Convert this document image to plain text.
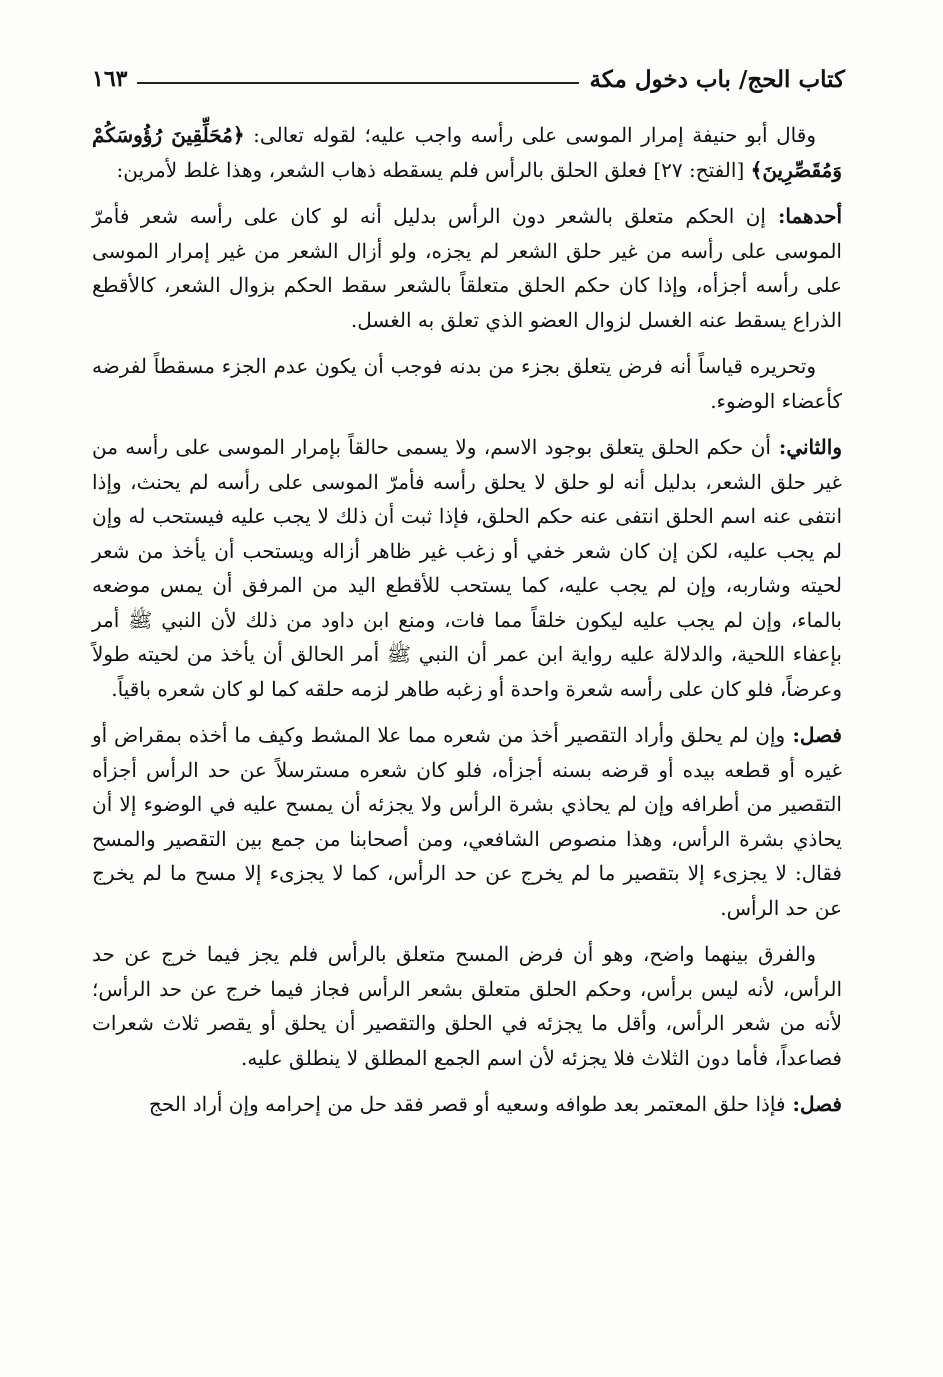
كتاب الحج/ باب دخول مكة
١٦٣

وقال أبو حنيفة إمرار الموسى على رأسه واجب عليه؛ لقوله تعالى: ﴿مُحَلِّقِينَ رُؤُوسَكُمْ وَمُقَصِّرِينَ﴾ [الفتح: ٢٧] فعلق الحلق بالرأس فلم يسقطه ذهاب الشعر، وهذا غلط لأمرين:

أحدهما: إن الحكم متعلق بالشعر دون الرأس بدليل أنه لو كان على رأسه شعر فأمرّ الموسى على رأسه من غير حلق الشعر لم يجزه، ولو أزال الشعر من غير إمرار الموسى على رأسه أجزأه، وإذا كان حكم الحلق متعلقاً بالشعر سقط الحكم بزوال الشعر، كالأقطع الذراع يسقط عنه الغسل لزوال العضو الذي تعلق به الغسل.

وتحريره قياساً أنه فرض يتعلق بجزء من بدنه فوجب أن يكون عدم الجزء مسقطاً لفرضه كأعضاء الوضوء.

والثاني: أن حكم الحلق يتعلق بوجود الاسم، ولا يسمى حالقاً بإمرار الموسى على رأسه من غير حلق الشعر، بدليل أنه لو حلق لا يحلق رأسه فأمرّ الموسى على رأسه لم يحنث، وإذا انتفى عنه اسم الحلق انتفى عنه حكم الحلق، فإذا ثبت أن ذلك لا يجب عليه فيستحب له وإن لم يجب عليه، لكن إن كان شعر خفي أو زغب غير ظاهر أزاله ويستحب أن يأخذ من شعر لحيته وشاربه، وإن لم يجب عليه، كما يستحب للأقطع اليد من المرفق أن يمس موضعه بالماء، وإن لم يجب عليه ليكون خلقاً مما فات، ومنع ابن داود من ذلك لأن النبي ﷺ أمر بإعفاء اللحية، والدلالة عليه رواية ابن عمر أن النبي ﷺ أمر الحالق أن يأخذ من لحيته طولاً وعرضاً، فلو كان على رأسه شعرة واحدة أو زغبه طاهر لزمه حلقه كما لو كان شعره باقياً.

فصل: وإن لم يحلق وأراد التقصير أخذ من شعره مما علا المشط وكيف ما أخذه بمقراض أو غيره أو قطعه بيده أو قرضه بسنه أجزأه، فلو كان شعره مسترسلاً عن حد الرأس أجزأه التقصير من أطرافه وإن لم يحاذي بشرة الرأس ولا يجزئه أن يمسح عليه في الوضوء إلا أن يحاذي بشرة الرأس، وهذا منصوص الشافعي، ومن أصحابنا من جمع بين التقصير والمسح فقال: لا يجزىء إلا بتقصير ما لم يخرج عن حد الرأس، كما لا يجزىء إلا مسح ما لم يخرج عن حد الرأس.

والفرق بينهما واضح، وهو أن فرض المسح متعلق بالرأس فلم يجز فيما خرج عن حد الرأس، لأنه ليس برأس، وحكم الحلق متعلق بشعر الرأس فجاز فيما خرج عن حد الرأس؛ لأنه من شعر الرأس، وأقل ما يجزئه في الحلق والتقصير أن يحلق أو يقصر ثلاث شعرات فصاعداً، فأما دون الثلاث فلا يجزئه لأن اسم الجمع المطلق لا ينطلق عليه.

فصل: فإذا حلق المعتمر بعد طوافه وسعيه أو قصر فقد حل من إحرامه وإن أراد الحج
